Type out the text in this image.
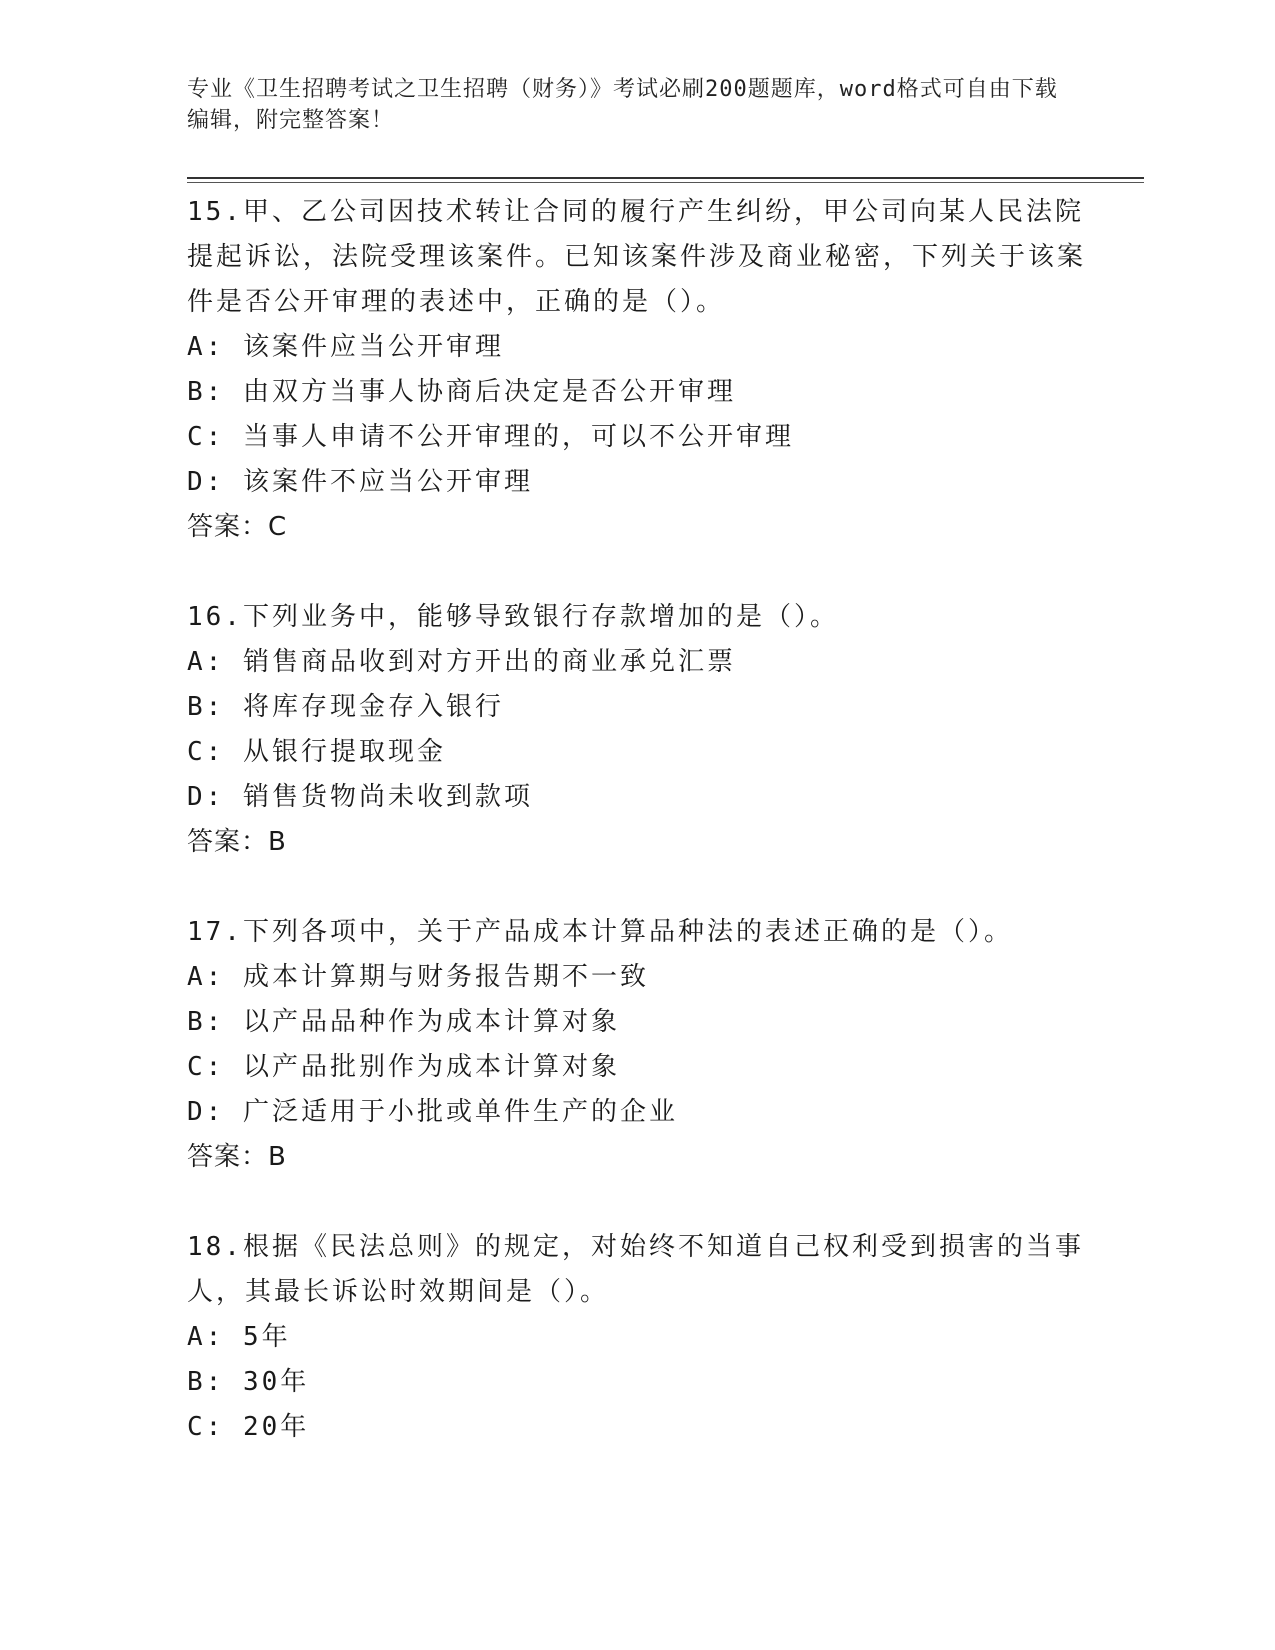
专业《卫生招聘考试之卫生招聘（财务）》考试必刷200题题库，word格式可自由下载编辑，附完整答案！

15.甲、乙公司因技术转让合同的履行产生纠纷，甲公司向某人民法院提起诉讼，法院受理该案件。已知该案件涉及商业秘密，下列关于该案件是否公开审理的表述中，正确的是（）。

A: 该案件应当公开审理

B: 由双方当事人协商后决定是否公开审理

C: 当事人申请不公开审理的，可以不公开审理

D: 该案件不应当公开审理

答案：C

16.下列业务中，能够导致银行存款增加的是（）。

A: 销售商品收到对方开出的商业承兑汇票

B: 将库存现金存入银行

C: 从银行提取现金

D: 销售货物尚未收到款项

答案：B

17.下列各项中，关于产品成本计算品种法的表述正确的是（）。

A: 成本计算期与财务报告期不一致

B: 以产品品种作为成本计算对象

C: 以产品批别作为成本计算对象

D: 广泛适用于小批或单件生产的企业

答案：B

18.根据《民法总则》的规定，对始终不知道自己权利受到损害的当事人，其最长诉讼时效期间是（）。

A: 5年

B: 30年

C: 20年
